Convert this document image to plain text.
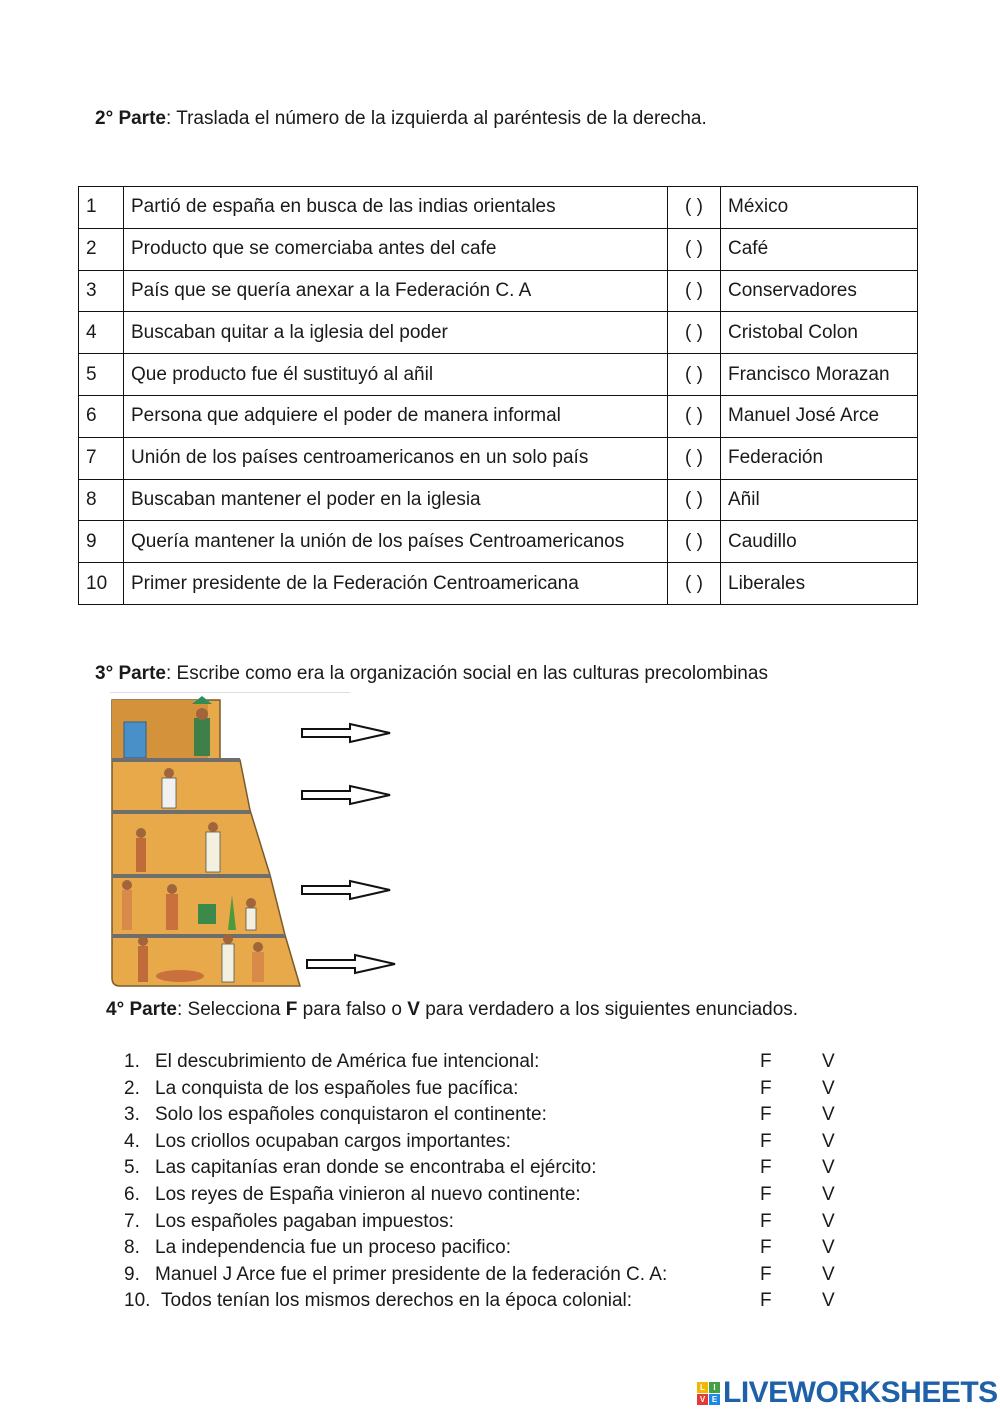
2° Parte: Traslada el número de la izquierda al paréntesis de la derecha.
1	Partió de españa en busca de las indias orientales	( )	México
2	Producto que se comerciaba antes del cafe	( )	Café
3	País que se quería anexar a la Federación C. A	( )	Conservadores
4	Buscaban quitar a la iglesia del poder	( )	Cristobal Colon
5	Que producto fue él sustituyó al añil	( )	Francisco Morazan
6	Persona que adquiere el poder de manera informal	( )	Manuel José Arce
7	Unión de los países centroamericanos en un solo país	( )	Federación
8	Buscaban mantener el poder en la iglesia	( )	Añil
9	Quería mantener la unión de los países Centroamericanos	( )	Caudillo
10	Primer presidente de la Federación Centroamericana	( )	Liberales
3° Parte: Escribe como era la organización social en las culturas precolombinas
4° Parte: Selecciona F para falso o V para verdadero a los siguientes enunciados.
1. El descubrimiento de América fue intencional:	F	V
2. La conquista de los españoles fue pacífica:	F	V
3. Solo los españoles conquistaron el continente:	F	V
4. Los criollos ocupaban cargos importantes:	F	V
5. Las capitanías eran donde se encontraba el ejército:	F	V
6. Los reyes de España vinieron al nuevo continente:	F	V
7. Los españoles pagaban impuestos:	F	V
8. La independencia fue un proceso pacifico:	F	V
9. Manuel J Arce fue el primer presidente de la federación C. A:	F	V
10. Todos tenían los mismos derechos en la época colonial:	F	V
L	I
V E LIVEWORKSHEETS
